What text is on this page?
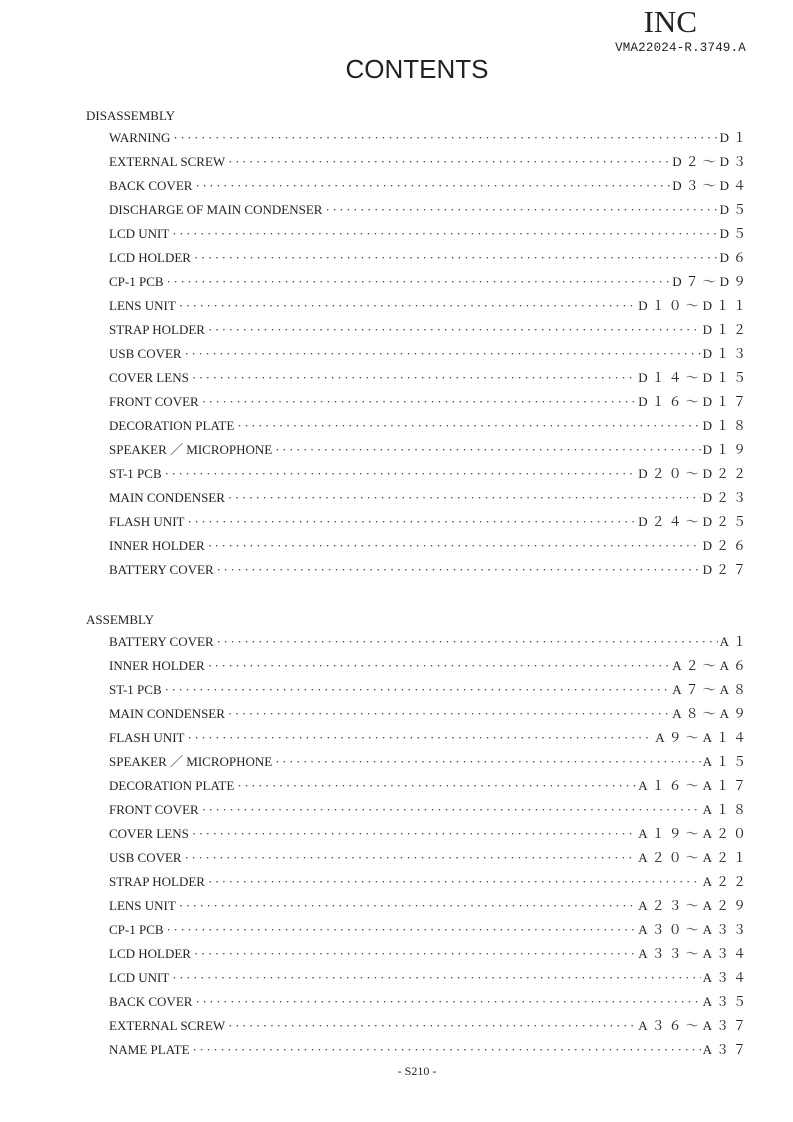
INC
VMA22024-R.3749.A
CONTENTS
DISASSEMBLY
WARNING ·····	D１
EXTERNAL SCREW ·····	D２～D３
BACK COVER ·····	D３～D４
DISCHARGE OF MAIN CONDENSER ·····	D５
LCD UNIT ·····	D５
LCD HOLDER ·····	D６
CP-1 PCB ·····	D７～D９
LENS UNIT ·····	D１０～D１１
STRAP HOLDER ·····	D１２
USB COVER ·····	D１３
COVER LENS ·····	D１４～D１５
FRONT COVER ·····	D１６～D１７
DECORATION PLATE ·····	D１８
SPEAKER ／ MICROPHONE ·····	D１９
ST-1 PCB ·····	D２０～D２２
MAIN CONDENSER ·····	D２３
FLASH UNIT ·····	D２４～D２５
INNER HOLDER ·····	D２６
BATTERY COVER ·····	D２７
ASSEMBLY
BATTERY COVER ·····	A１
INNER HOLDER ·····	A２～A６
ST-1 PCB ·····	A７～A８
MAIN CONDENSER ·····	A８～A９
FLASH UNIT ·····	A９～A１４
SPEAKER ／ MICROPHONE ·····	A１５
DECORATION PLATE ·····	A１６～A１７
FRONT COVER ·····	A１８
COVER LENS ·····	A１９～A２０
USB COVER ·····	A２０～A２１
STRAP HOLDER ·····	A２２
LENS UNIT ·····	A２３～A２９
CP-1 PCB ·····	A３０～A３３
LCD HOLDER ·····	A３３～A３４
LCD UNIT ·····	A３４
BACK COVER ·····	A３５
EXTERNAL SCREW ·····	A３６～A３７
NAME PLATE ·····	A３７
- S210 -
